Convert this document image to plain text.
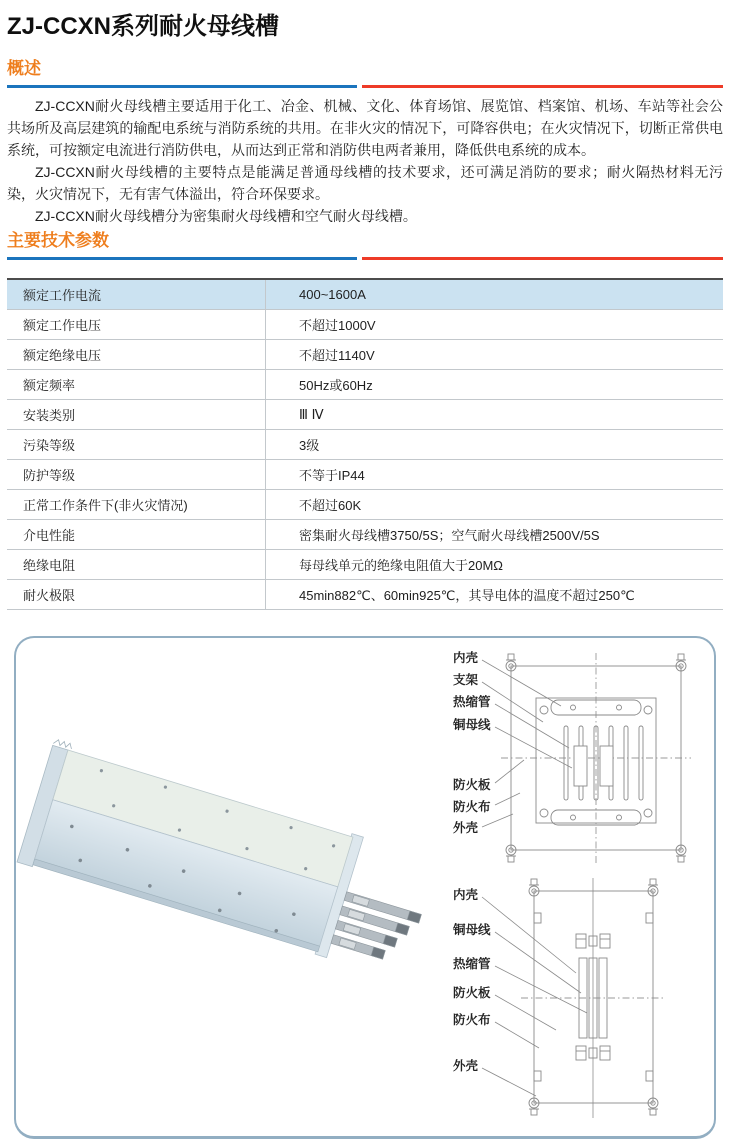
ZJ-CCXN系列耐火母线槽
概述

ZJ-CCXN耐火母线槽主要适用于化工、冶金、机械、文化、体育场馆、展览馆、档案馆、机场、车站等社会公共场所及高层建筑的输配电系统与消防系统的共用。在非火灾的情况下，可降容供电；在火灾情况下，切断正常供电系统，可按额定电流进行消防供电，从而达到正常和消防供电两者兼用，降低供电系统的成本。

ZJ-CCXN耐火母线槽的主要特点是能满足普通母线槽的技术要求，还可满足消防的要求；耐火隔热材料无污染，火灾情况下，无有害气体溢出，符合环保要求。

ZJ-CCXN耐火母线槽分为密集耐火母线槽和空气耐火母线槽。

主要技术参数
额定工作电流	400~1600A
额定工作电压	不超过1000V
额定绝缘电压	不超过1140V
额定频率	50Hz或60Hz
安装类别	Ⅲ Ⅳ
污染等级	3级
防护等级	不等于IP44
正常工作条件下(非火灾情况)	不超过60K
介电性能	密集耐火母线槽3750/5S；空气耐火母线槽2500V/5S
绝缘电阻	每母线单元的绝缘电阻值大于20MΩ
耐火极限	45min882℃、60min925℃，其导电体的温度不超过250℃
内壳
支架
热缩管
铜母线
防火板
防火布
外壳
内壳
铜母线
热缩管
防火板
防火布
外壳
